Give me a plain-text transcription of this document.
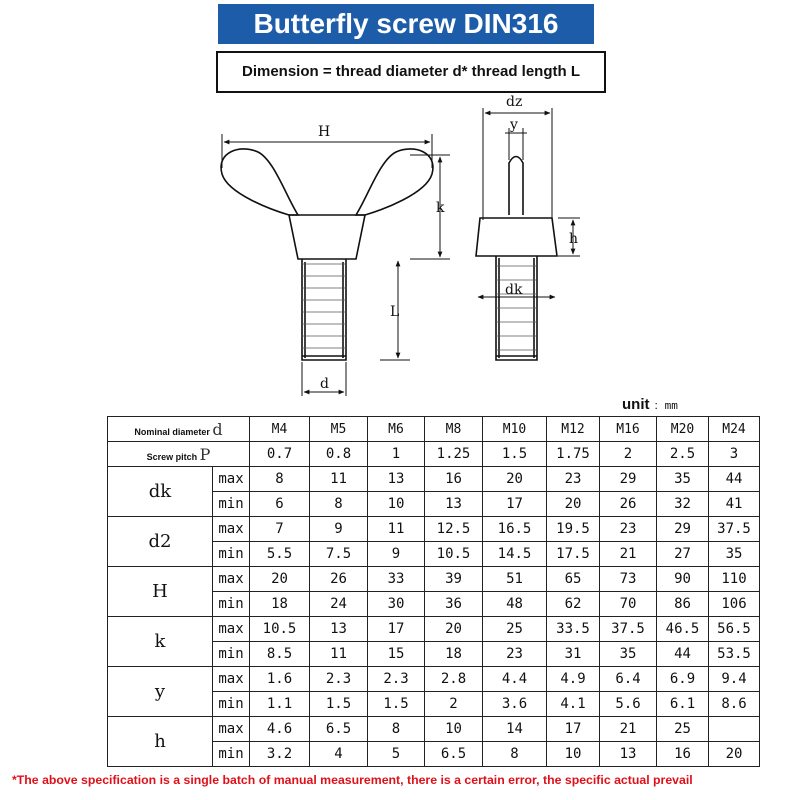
Butterfly screw DIN316
Dimension = thread diameter d* thread length L
H
k
L
d
dz
y
h
dk
unit ：mm
Nominal diameter d		M4	M5	M6	M8	M10	M12	M16	M20	M24
Screw pitch P		0.7	0.8	1	1.25	1.5	1.75	2	2.5	3
dk	max	8	11	13	16	20	23	29	35	44
	min	6	8	10	13	17	20	26	32	41
d2	max	7	9	11	12.5	16.5	19.5	23	29	37.5
	min	5.5	7.5	9	10.5	14.5	17.5	21	27	35
H	max	20	26	33	39	51	65	73	90	110
	min	18	24	30	36	48	62	70	86	106
k	max	10.5	13	17	20	25	33.5	37.5	46.5	56.5
	min	8.5	11	15	18	23	31	35	44	53.5
y	max	1.6	2.3	2.3	2.8	4.4	4.9	6.4	6.9	9.4
	min	1.1	1.5	1.5	2	3.6	4.1	5.6	6.1	8.6
h	max	4.6	6.5	8	10	14	17	21	25	
	min	3.2	4	5	6.5	8	10	13	16	20
*The above specification is a single batch of manual measurement, there is a certain error, the specific actual prevail
